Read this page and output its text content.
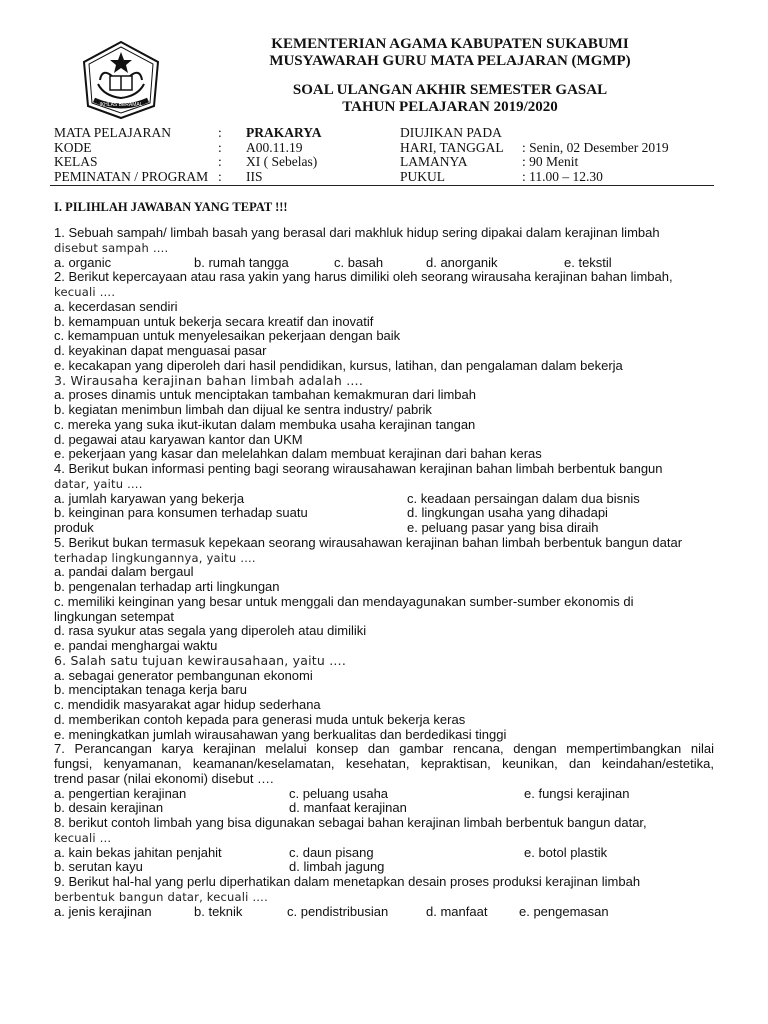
IKHLAS BERAMAL
KEMENTERIAN AGAMA KABUPATEN SUKABUMI
MUSYAWARAH GURU MATA PELAJARAN (MGMP)
SOAL ULANGAN AKHIR SEMESTER GASAL
TAHUN PELAJARAN 2019/2020
MATA PELAJARAN	: PRAKARYA	DIUJIKAN PADA
KODE	: A00.11.19	HARI, TANGGAL : Senin, 02 Desember 2019
KELAS	: XI ( Sebelas)	LAMANYA	: 90 Menit
PEMINATAN / PROGRAM : IIS	PUKUL	: 11.00 – 12.30
I. PILIHLAH JAWABAN YANG TEPAT !!!
1. Sebuah sampah/ limbah basah yang berasal dari makhluk hidup sering dipakai dalam kerajinan limbah
disebut sampah ….
a. organic	b. rumah tangga	c. basah	d. anorganik	e. tekstil
2. Berikut kepercayaan atau rasa yakin yang harus dimiliki oleh seorang wirausaha kerajinan bahan limbah,
kecuali ….
a. kecerdasan sendiri
b. kemampuan untuk bekerja secara kreatif dan inovatif
c. kemampuan untuk menyelesaikan pekerjaan dengan baik
d. keyakinan dapat menguasai pasar
e. kecakapan yang diperoleh dari hasil pendidikan, kursus, latihan, dan pengalaman dalam bekerja
3. Wirausaha kerajinan bahan limbah adalah ….
a. proses dinamis untuk menciptakan tambahan kemakmuran dari limbah
b. kegiatan menimbun limbah dan dijual ke sentra industry/ pabrik
c. mereka yang suka ikut-ikutan dalam membuka usaha kerajinan tangan
d. pegawai atau karyawan kantor dan UKM
e. pekerjaan yang kasar dan melelahkan dalam membuat kerajinan dari bahan keras
4. Berikut bukan informasi penting bagi seorang wirausahawan kerajinan bahan limbah berbentuk bangun
datar, yaitu ….
a. jumlah karyawan yang bekerja	c. keadaan persaingan dalam dua bisnis
b. keinginan para konsumen terhadap suatu	d. lingkungan usaha yang dihadapi
produk	e. peluang pasar yang bisa diraih
5. Berikut bukan termasuk kepekaan seorang wirausahawan kerajinan bahan limbah berbentuk bangun datar
terhadap lingkungannya, yaitu ….
a. pandai dalam bergaul
b. pengenalan terhadap arti lingkungan
c. memiliki keinginan yang besar untuk menggali dan mendayagunakan sumber-sumber ekonomis di
lingkungan setempat
d. rasa syukur atas segala yang diperoleh atau dimiliki
e. pandai menghargai waktu
6. Salah satu tujuan kewirausahaan, yaitu ….
a. sebagai generator pembangunan ekonomi
b. menciptakan tenaga kerja baru
c. mendidik masyarakat agar hidup sederhana
d. memberikan contoh kepada para generasi muda untuk bekerja keras
e. meningkatkan jumlah wirausahawan yang berkualitas dan berdedikasi tinggi
7. Perancangan karya kerajinan melalui konsep dan gambar rencana, dengan mempertimbangkan nilai
fungsi, kenyamanan, keamanan/keselamatan, kesehatan, kepraktisan, keunikan, dan keindahan/estetika,
trend pasar (nilai ekonomi) disebut ….
a. pengertian kerajinan	c. peluang usaha	e. fungsi kerajinan
b. desain kerajinan	d. manfaat kerajinan
8. berikut contoh limbah yang bisa digunakan sebagai bahan kerajinan limbah berbentuk bangun datar,
kecuali …
a. kain bekas jahitan penjahit	c. daun pisang	e. botol plastik
b. serutan kayu	d. limbah jagung
9. Berikut hal-hal yang perlu diperhatikan dalam menetapkan desain proses produksi kerajinan limbah
berbentuk bangun datar, kecuali ….
a. jenis kerajinan	b. teknik	c. pendistribusian	d. manfaat e. pengemasan
